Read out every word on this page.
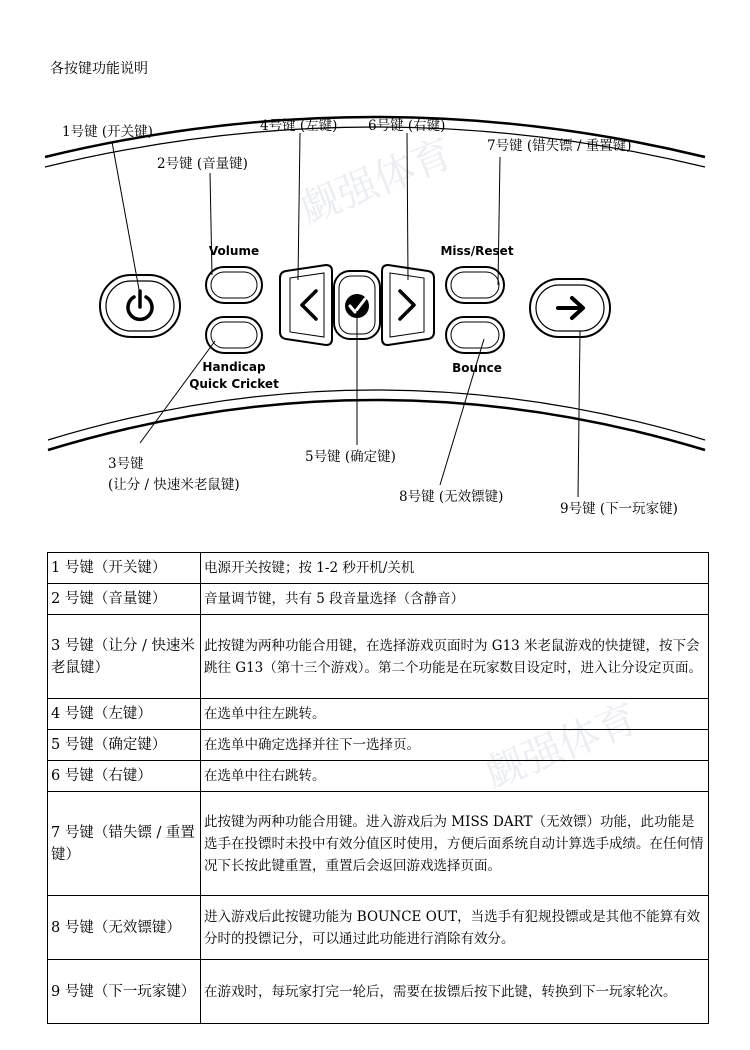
各按键功能说明
觑强体育
觑强体育
Volume
Handicap
Quick Cricket
Miss/Reset
Bounce
1号键 (开关键)
2号键 (音量键)
4号键 (左键) 6号键 (右键)
7号键 (错失镖 / 重置键)
3号键
(让分 / 快速米老鼠键)
5号键 (确定键)
8号键 (无效镖键)
9号键 (下一玩家键)
1 号键（开关键）	电源开关按键；按 1-2 秒开机/关机
2 号键（音量键）	音量调节键，共有 5 段音量选择（含静音）
3 号键（让分 / 快速米老鼠键）	此按键为两种功能合用键，在选择游戏页面时为 G13 米老鼠游戏的快捷键，按下会跳往 G13（第十三个游戏）。第二个功能是在玩家数目设定时，进入让分设定页面。
4 号键（左键）	在选单中往左跳转。
5 号键（确定键）	在选单中确定选择并往下一选择页。
6 号键（右键）	在选单中往右跳转。
7 号键（错失镖 / 重置键）	此按键为两种功能合用键。进入游戏后为 MISS DART（无效镖）功能，此功能是选手在投镖时未投中有效分值区时使用，方便后面系统自动计算选手成绩。在任何情况下长按此键重置，重置后会返回游戏选择页面。
8 号键（无效镖键）	进入游戏后此按键功能为 BOUNCE OUT，当选手有犯规投镖或是其他不能算有效分时的投镖记分，可以通过此功能进行消除有效分。
9 号键（下一玩家键）	在游戏时，每玩家打完一轮后，需要在拔镖后按下此键，转换到下一玩家轮次。
